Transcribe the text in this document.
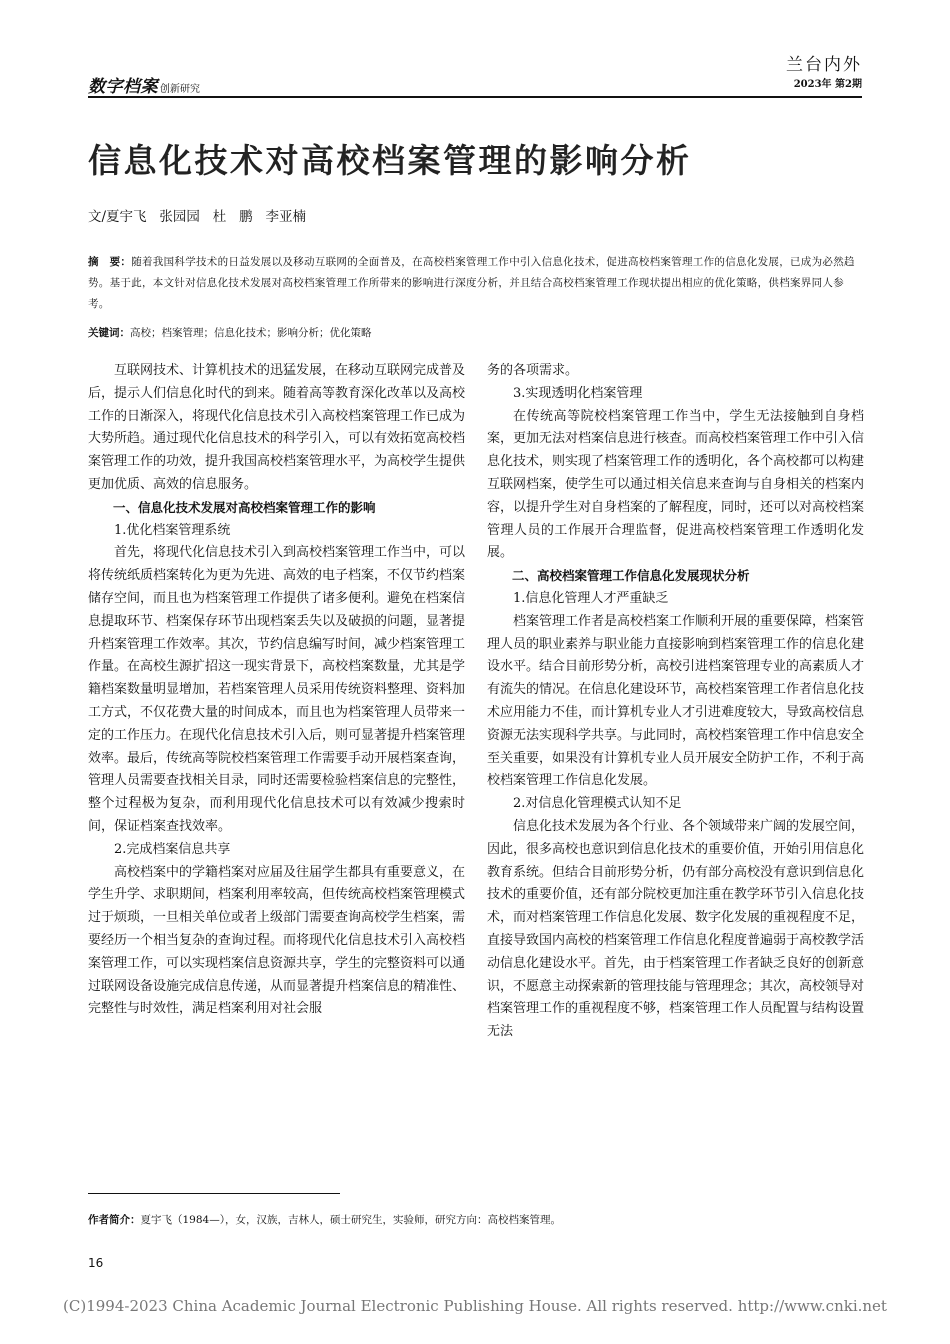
数字档案 创新研究
兰台内外
2023年 第2期
信息化技术对高校档案管理的影响分析
文/夏宇飞   张园园   杜   鹏   李亚楠
摘　要：随着我国科学技术的日益发展以及移动互联网的全面普及，在高校档案管理工作中引入信息化技术，促进高校档案管理工作的信息化发展，已成为必然趋势。基于此，本文针对信息化技术发展对高校档案管理工作所带来的影响进行深度分析，并且结合高校档案管理工作现状提出相应的优化策略，供档案界同人参考。
关键词：高校；档案管理；信息化技术；影响分析；优化策略

互联网技术、计算机技术的迅猛发展，在移动互联网完成普及后，提示人们信息化时代的到来。随着高等教育深化改革以及高校工作的日渐深入，将现代化信息技术引入高校档案管理工作已成为大势所趋。通过现代化信息技术的科学引入，可以有效拓宽高校档案管理工作的功效，提升我国高校档案管理水平，为高校学生提供更加优质、高效的信息服务。

一、信息化技术发展对高校档案管理工作的影响
1.优化档案管理系统

首先，将现代化信息技术引入到高校档案管理工作当中，可以将传统纸质档案转化为更为先进、高效的电子档案，不仅节约档案储存空间，而且也为档案管理工作提供了诸多便利。避免在档案信息提取环节、档案保存环节出现档案丢失以及破损的问题，显著提升档案管理工作效率。其次，节约信息编写时间，减少档案管理工作量。在高校生源扩招这一现实背景下，高校档案数量，尤其是学籍档案数量明显增加，若档案管理人员采用传统资料整理、资料加工方式，不仅花费大量的时间成本，而且也为档案管理人员带来一定的工作压力。在现代化信息技术引入后，则可显著提升档案管理效率。最后，传统高等院校档案管理工作需要手动开展档案查询，管理人员需要查找相关目录，同时还需要检验档案信息的完整性，整个过程极为复杂，而利用现代化信息技术可以有效减少搜索时间，保证档案查找效率。

2.完成档案信息共享

高校档案中的学籍档案对应届及往届学生都具有重要意义，在学生升学、求职期间，档案利用率较高，但传统高校档案管理模式过于烦琐，一旦相关单位或者上级部门需要查询高校学生档案，需要经历一个相当复杂的查询过程。而将现代化信息技术引入高校档案管理工作，可以实现档案信息资源共享，学生的完整资料可以通过联网设备设施完成信息传递，从而显著提升档案信息的精准性、完整性与时效性，满足档案利用对社会服

务的各项需求。

3.实现透明化档案管理

在传统高等院校档案管理工作当中，学生无法接触到自身档案，更加无法对档案信息进行核查。而高校档案管理工作中引入信息化技术，则实现了档案管理工作的透明化，各个高校都可以构建互联网档案，使学生可以通过相关信息来查询与自身相关的档案内容，以提升学生对自身档案的了解程度，同时，还可以对高校档案管理人员的工作展开合理监督，促进高校档案管理工作透明化发展。

二、高校档案管理工作信息化发展现状分析
1.信息化管理人才严重缺乏

档案管理工作者是高校档案工作顺利开展的重要保障，档案管理人员的职业素养与职业能力直接影响到档案管理工作的信息化建设水平。结合目前形势分析，高校引进档案管理专业的高素质人才有流失的情况。在信息化建设环节，高校档案管理工作者信息化技术应用能力不佳，而计算机专业人才引进难度较大，导致高校信息资源无法实现科学共享。与此同时，高校档案管理工作中信息安全至关重要，如果没有计算机专业人员开展安全防护工作，不利于高校档案管理工作信息化发展。

2.对信息化管理模式认知不足

信息化技术发展为各个行业、各个领域带来广阔的发展空间，因此，很多高校也意识到信息化技术的重要价值，开始引用信息化教育系统。但结合目前形势分析，仍有部分高校没有意识到信息化技术的重要价值，还有部分院校更加注重在教学环节引入信息化技术，而对档案管理工作信息化发展、数字化发展的重视程度不足，直接导致国内高校的档案管理工作信息化程度普遍弱于高校教学活动信息化建设水平。首先，由于档案管理工作者缺乏良好的创新意识，不愿意主动探索新的管理技能与管理理念；其次，高校领导对档案管理工作的重视程度不够，档案管理工作人员配置与结构设置无法

作者简介：夏宇飞（1984—），女，汉族，吉林人，硕士研究生，实验师，研究方向：高校档案管理。
16
(C)1994-2023 China Academic Journal Electronic Publishing House. All rights reserved. http://www.cnki.net
